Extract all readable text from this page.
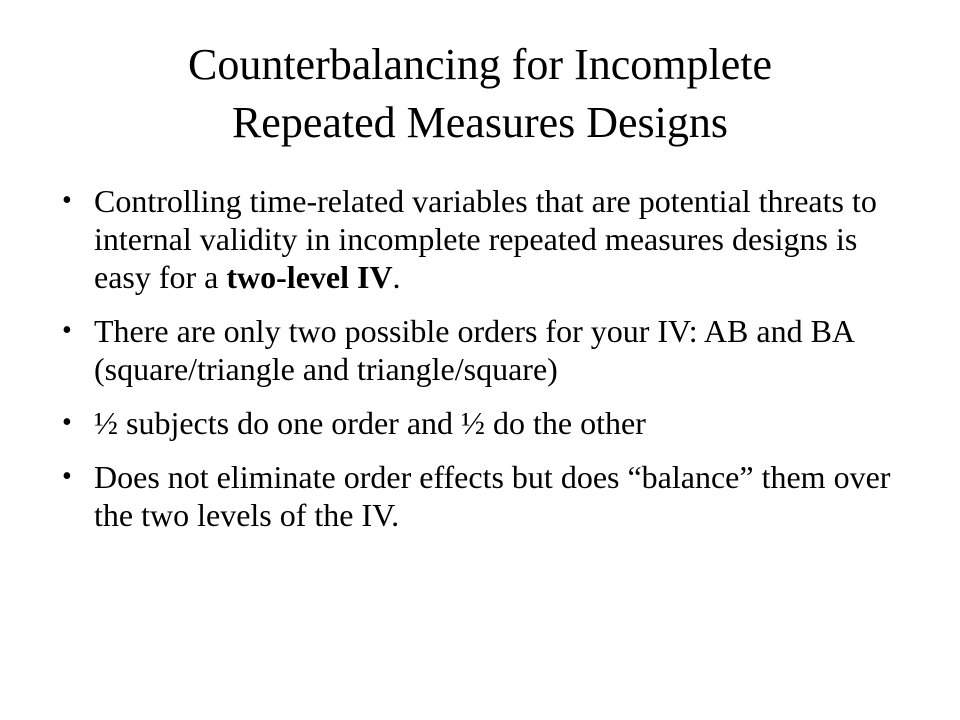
Counterbalancing for Incomplete
Repeated Measures Designs
• Controlling time-related variables that are potential threats to internal validity in incomplete repeated measures designs is easy for a two-level IV.
• There are only two possible orders for your IV: AB and BA (square/triangle and triangle/square)
• ½ subjects do one order and ½ do the other
• Does not eliminate order effects but does “balance” them over the two levels of the IV.
